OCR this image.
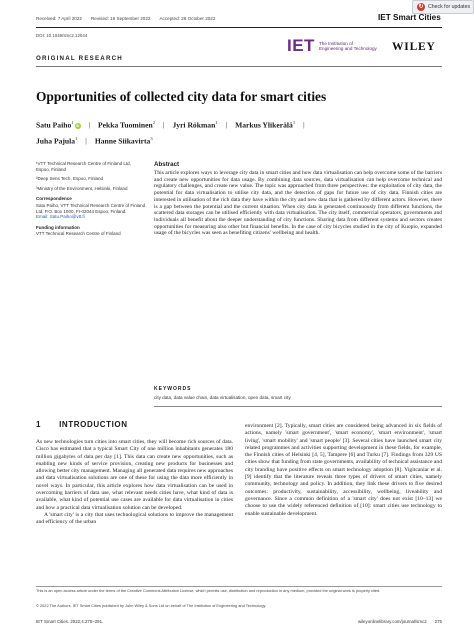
↻ Check for updates
Received: 7 April 2022 Revised: 19 September 2022 Accepted: 26 October 2022	IET Smart Cities
DOI: 10.1049/smc2.12044
IET The Institution of
Engineering and Technology WILEY
ORIGINAL RESEARCH
Opportunities of collected city data for smart cities
Satu Paiho$^1$iD | Pekka Tuominen$^2$ | Jyri Rökman$^1$ | Markus Ylikerälä$^1$ |
Juha Pajula$^1$ | Hanne Siikavirta$^3$
¹VTT Technical Research Centre of Finland Ltd, Espoo, Finland
²Deep Sens Tech, Espoo, Finland
³Ministry of the Environment, Helsinki, Finland
Correspondence
Satu Paiho, VTT Technical Research Centre of Finland Ltd, P.O. Box 1000, FI-02044 Espoo, Finland.
Email: Satu.Paiho@vtt.fi
Funding information
VTT Technical Research Centre of Finland
Abstract

This article explores ways to leverage city data in smart cities and how data virtualisation can help overcome some of the barriers and create new opportunities for data usage. By combining data sources, data virtualisation can help overcome technical and regulatory challenges, and create new value. The topic was approached from three perspectives: the exploitation of city data, the potential for data virtualisation to utilise city data, and the detection of gaps for future use of city data. Finnish cities are interested in utilisation of the rich data they have within the city and new data that is gathered by different actors. However, there is a gap between the potential and the current situation. When city data is generated continuously from different functions, the scattered data storages can be utilised efficiently with data virtualisation. The city itself, commercial operators, governments and individuals all benefit about the deeper understanding of city functions. Sharing data from different systems and sectors creates opportunities for measuring also other but financial benefits. In the case of city bicycles studied in the city of Kuopio, expanded usage of the bicycles was seen as benefiting citizens' wellbeing and health.

KEYWORDS
city data, data value chain, data virtualisation, open data, smart city
1 INTRODUCTION

As new technologies turn cities into smart cities, they will become rich sources of data. Cisco has estimated that a typical Smart City of one million inhabitants generates 180 million gigabytes of data per day [1]. This data can create new opportunities, such as enabling new kinds of service provision, creating new products for businesses and allowing better city management. Managing all generated data requires new approaches and data virtualisation solutions are one of these for using the data more efficiently in novel ways. In particular, this article explores how data virtualisation can be used in overcoming barriers of data use, what relevant needs cities have, what kind of data is available, what kind of potential use cases are available for data virtualisation in cities and how a practical data virtualisation solution can be developed.

A 'smart city' is a city that uses technological solutions to improve the management and efficiency of the urban

environment [2]. Typically, smart cities are considered being advanced in six fields of actions, namely 'smart government', 'smart economy', 'smart environment', 'smart living', 'smart mobility' and 'smart people' [3]. Several cities have launched smart city related programmes and activities supporting development in these fields, for example, the Finnish cities of Helsinki [4, 5], Tampere [6] and Turku [7]. Findings from 329 US cities show that funding from state governments, availability of technical assistance and city branding have positive effects on smart technology adoption [8]. Yigitcanlar et al. [9] identify that the literature reveals three types of drivers of smart cities, namely community, technology and policy. In addition, they link these drivers to five desired outcomes: productivity, sustainability, accessibility, wellbeing, liveability and governance. Since a common definition of a 'smart city' does not exist [10–13] we choose to use the widely referenced definition of [10]: smart cities use technology to enable sustainable development.

This is an open access article under the terms of the Creative Commons Attribution License, which permits use, distribution and reproduction in any medium, provided the original work is properly cited.
© 2022 The Authors. IET Smart Cities published by John Wiley & Sons Ltd on behalf of The Institution of Engineering and Technology.
IET Smart Cities. 2022;4:275–291.	wileyonlinelibrary.com/journal/smc2 275
